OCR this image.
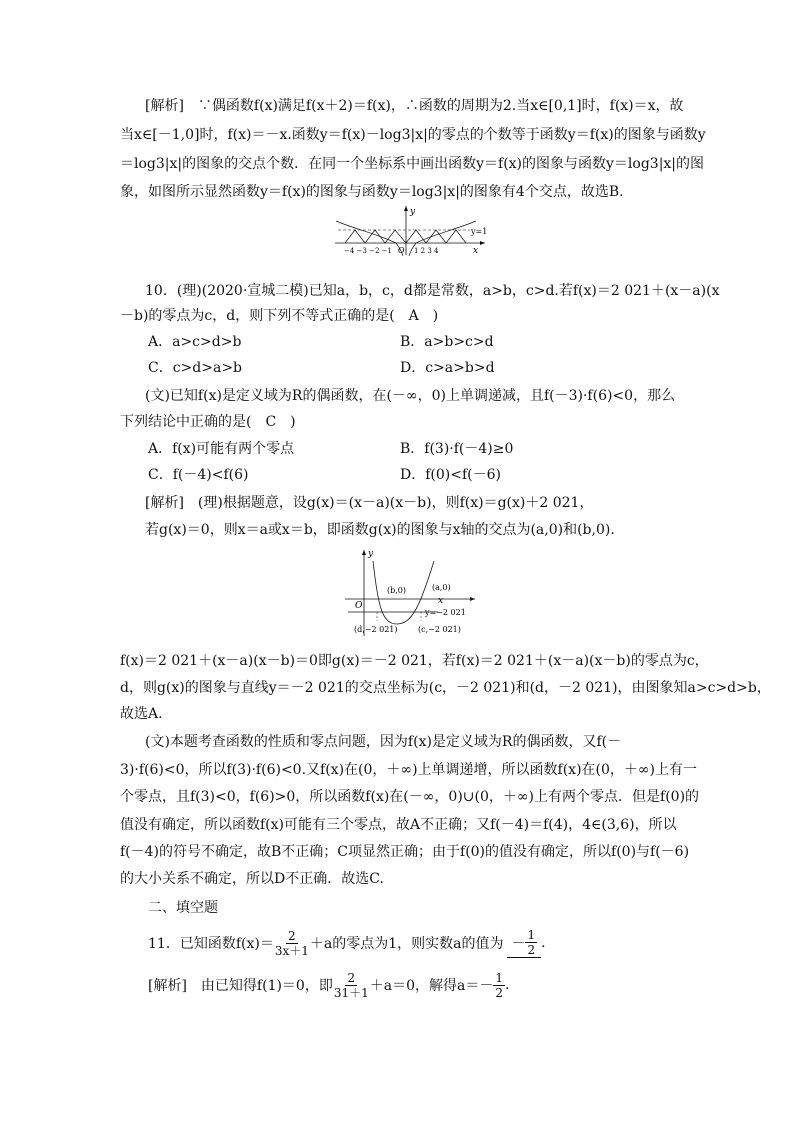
[解析]　∵偶函数f(x)满足f(x＋2)＝f(x)，∴函数的周期为2.当x∈[0,1]时，f(x)＝x，故
当x∈[－1,0]时，f(x)＝－x.函数y＝f(x)－log3|x|的零点的个数等于函数y＝f(x)的图象与函数y
＝log3|x|的图象的交点个数．在同一个坐标系中画出函数y＝f(x)的图象与函数y＝log3|x|的图
象，如图所示显然函数y＝f(x)的图象与函数y＝log3|x|的图象有4个交点，故选B.
y
x
y=1
O
−4 −3 −2 −1	1 2 3 4
10．(理)(2020·宣城二模)已知a，b，c，d都是常数，a>b，c>d.若f(x)＝2 021＋(x－a)(x
－b)的零点为c，d，则下列不等式正确的是(　A　)
A．a>c>d>b	B．a>b>c>d
C．c>d>a>b	D．c>a>b>d
(文)已知f(x)是定义域为R的偶函数，在(－∞，0)上单调递减，且f(－3)·f(6)<0，那么
下列结论中正确的是(　C　)
A．f(x)可能有两个零点	B．f(3)·f(－4)≥0
C．f(－4)<f(6)	D．f(0)<f(－6)
[解析]　(理)根据题意，设g(x)＝(x－a)(x－b)，则f(x)＝g(x)＋2 021，
若g(x)＝0，则x＝a或x＝b，即函数g(x)的图象与x轴的交点为(a,0)和(b,0)．
y
x
O
(b,0)	(a,0)
y=−2 021
(d,−2 021)	(c,−2 021)
f(x)＝2 021＋(x－a)(x－b)＝0即g(x)＝－2 021，若f(x)＝2 021＋(x－a)(x－b)的零点为c，
d，则g(x)的图象与直线y＝－2 021的交点坐标为(c，－2 021)和(d，－2 021)，由图象知a>c>d>b，
故选A.
(文)本题考查函数的性质和零点问题，因为f(x)是定义域为R的偶函数，又f(－
3)·f(6)<0，所以f(3)·f(6)<0.又f(x)在(0，＋∞)上单调递增，所以函数f(x)在(0，＋∞)上有一
个零点，且f(3)<0，f(6)>0，所以函数f(x)在(－∞，0)∪(0，＋∞)上有两个零点．但是f(0)的
值没有确定，所以函数f(x)可能有三个零点，故A不正确；又f(－4)＝f(4)，4∈(3,6)，所以
f(－4)的符号不确定，故B不正确；C项显然正确；由于f(0)的值没有确定，所以f(0)与f(－6)
的大小关系不确定，所以D不正确．故选C.
二、填空题
11．已知函数$f(x)= \frac{2}{3x+1} +a$的零点为1，则实数a的值为 － $\frac{1}{2}$ .
[解析]　由已知得f(1)＝0，即 $\frac{2}{31+1} +a=0$，解得$a=- \frac{1}{2}$ .
